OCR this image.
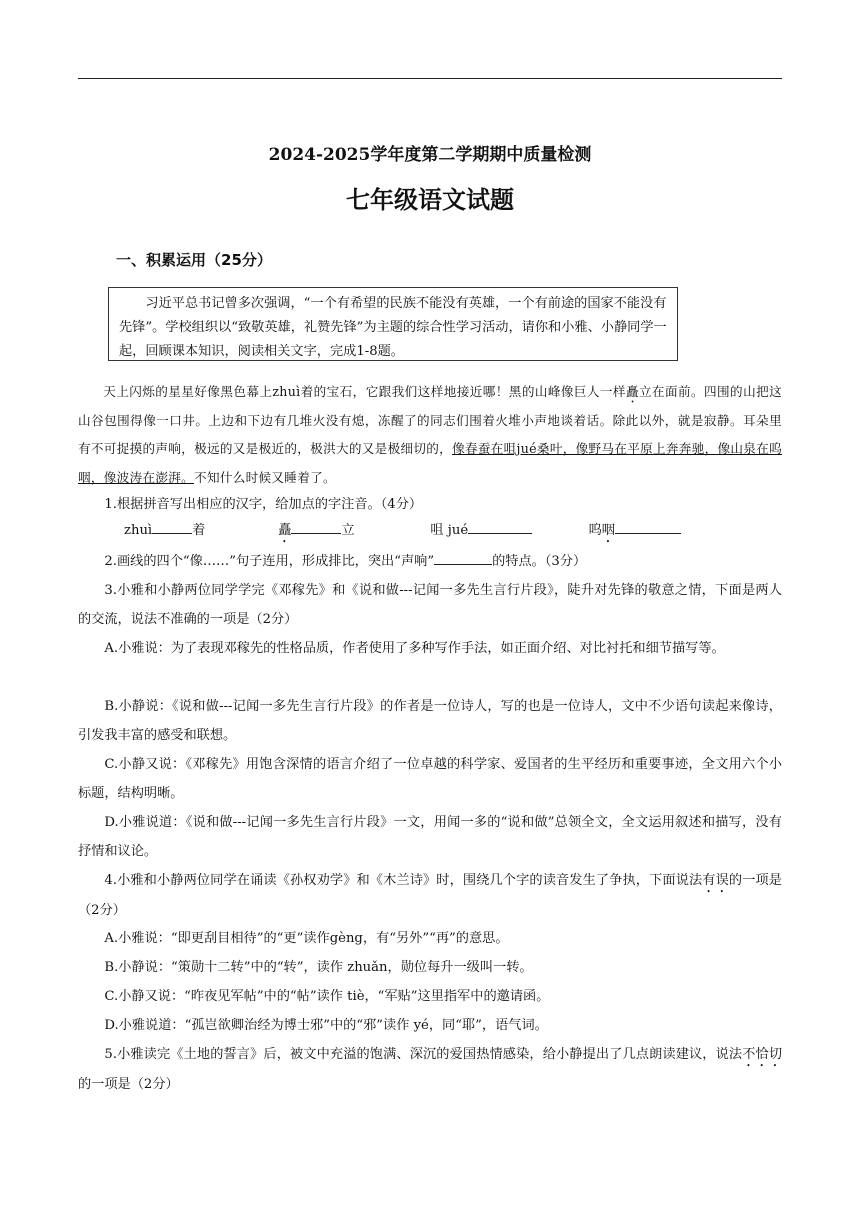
2024-2025学年度第二学期期中质量检测
七年级语文试题
一、积累运用（25分）

习近平总书记曾多次强调，“一个有希望的民族不能没有英雄，一个有前途的国家不能没有先锋”。学校组织以“致敬英雄，礼赞先锋”为主题的综合性学习活动，请你和小雅、小静同学一起，回顾课本知识，阅读相关文字，完成1-8题。

天上闪烁的星星好像黑色幕上zhuì着的宝石，它跟我们这样地接近哪！黑的山峰像巨人一样矗立在面前。四围的山把这山谷包围得像一口井。上边和下边有几堆火没有熄，冻醒了的同志们围着火堆小声地谈着话。除此以外，就是寂静。耳朵里有不可捉摸的声响，极远的又是极近的，极洪大的又是极细切的，像春蚕在咀jué桑叶，像野马在平原上奔奔驰，像山泉在呜咽，像波涛在澎湃。不知什么时候又睡着了。

1.根据拼音写出相应的汉字，给加点的字注音。（4分）

zhuì	着	矗	立	咀 jué	呜咽

2.画线的四个“像……”句子连用，形成排比，突出“声响”	的特点。（3分）

3.小雅和小静两位同学学完《邓稼先》和《说和做---记闻一多先生言行片段》，陡升对先锋的敬意之情，下面是两人的交流，说法不准确的一项是（2分）

A.小雅说：为了表现邓稼先的性格品质，作者使用了多种写作手法，如正面介绍、对比衬托和细节描写等。

B.小静说：《说和做---记闻一多先生言行片段》的作者是一位诗人，写的也是一位诗人，文中不少语句读起来像诗，引发我丰富的感受和联想。

C.小静又说：《邓稼先》用饱含深情的语言介绍了一位卓越的科学家、爱国者的生平经历和重要事迹，全文用六个小标题，结构明晰。

D.小雅说道：《说和做---记闻一多先生言行片段》一文，用闻一多的“说和做”总领全文，全文运用叙述和描写，没有抒情和议论。

4.小雅和小静两位同学在诵读《孙权劝学》和《木兰诗》时，围绕几个字的读音发生了争执，下面说法有误的一项是（2分）

A.小雅说：“即更刮目相待”的“更”读作gèng，有“另外”“再”的意思。

B.小静说：“策勋十二转”中的“转”，读作 zhuǎn，勋位每升一级叫一转。

C.小静又说：“昨夜见军帖”中的“帖”读作 tiè，“军贴”这里指军中的邀请函。

D.小雅说道：“孤岂欲卿治经为博士邪”中的“邪”读作 yé，同“耶”，语气词。

5.小雅读完《土地的誓言》后，被文中充溢的饱满、深沉的爱国热情感染，给小静提出了几点朗读建议，说法不恰切的一项是（2分）
